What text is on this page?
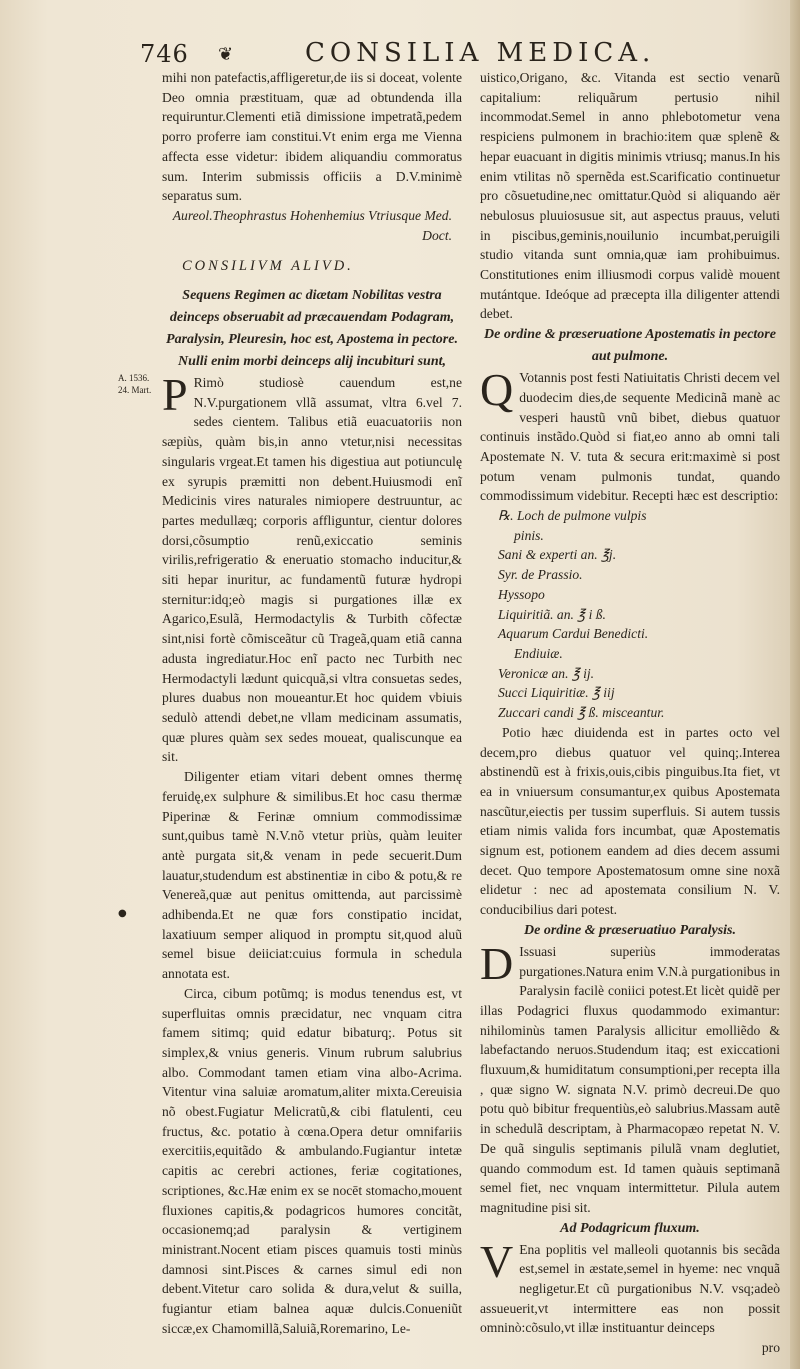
746 ❦	CONSILIA MEDICA.
A. 1536. 24. Mart.
●

mihi non patefactis,affligeretur,de iis si doceat, volente Deo omnia præstituam, quæ ad obtundenda illa requiruntur.Clementi etiã dimissione impetratã,pedem porro proferre iam constitui.Vt enim erga me Vienna affecta esse videtur: ibidem aliquandiu commoratus sum. Interim submissis officiis a D.V.minimè separatus sum.

Aureol.Theophrastus Hohenhemius Vtriusque Med. Doct.

CONSILIVM ALIVD.

Sequens Regimen ac diætam Nobilitas vestra deinceps obseruabit ad præcauendam Podagram, Paralysin, Pleuresin, hoc est, Apostema in pectore. Nulli enim morbi deinceps alij incubituri sunt,

P Rimò studiosè cauendum est,ne N.V.purgationem vllã assumat, vltra 6.vel 7. sedes cientem. Talibus etiã euacuatoriis non sæpiùs, quàm bis,in anno vtetur,nisi necessitas singularis vrgeat.Et tamen his digestiua aut potiunculę ex syrupis præmitti non debent.Huiusmodi enĩ Medicinis vires naturales nimiopere destruuntur, ac partes medullæq; corporis affliguntur, cientur dolores dorsi,cõsumptio renũ,exiccatio seminis virilis,refrigeratio & eneruatio stomacho inducitur,& siti hepar inuritur, ac fundamentũ futuræ hydropi sternitur:idq;eò magis si purgationes illæ ex Agarico,Esulã, Hermodactylis & Turbith cõfectæ sint,nisi fortè cõmisceãtur cũ Trageã,quam etiã canna adusta ingrediatur.Hoc enĩ pacto nec Turbith nec Hermodactyli lædunt quicquã,si vltra consuetas sedes, plures duabus non moueantur.Et hoc quidem vbiuis sedulò attendi debet,ne vllam medicinam assumatis, quæ plures quàm sex sedes moueat, qualiscunque ea sit.

Diligenter etiam vitari debent omnes thermę feruidę,ex sulphure & similibus.Et hoc casu thermæ Piperinæ & Ferinæ omnium commodissimæ sunt,quibus tamè N.V.nõ vtetur priùs, quàm leuiter antè purgata sit,& venam in pede secuerit.Dum lauatur,studendum est abstinentiæ in cibo & potu,& re Venereã,quæ aut penitus omittenda, aut parcissimè adhibenda.Et ne quæ fors constipatio incidat, laxatiuum semper aliquod in promptu sit,quod aluũ semel bisue deiiciat:cuius formula in schedula annotata est.

Circa, cibum potũmq; is modus tenendus est, vt superfluitas omnis præcidatur, nec vnquam citra famem sitimq; quid edatur bibaturq;. Potus sit simplex,& vnius generis. Vinum rubrum salubrius albo. Commodant tamen etiam vina albo-Acrima. Vitentur vina saluiæ aromatum,aliter mixta.Cereuisia nõ obest.Fugiatur Melicratũ,& cibi flatulenti, ceu fructus, &c. potatio à cœna.Opera detur omnifariis exercitiis,equitãdo & ambulando.Fugiantur intetæ capitis ac cerebri actiones, feriæ cogitationes, scriptiones, &c.Hæ enim ex se nocēt stomacho,mouent fluxiones capitis,& podagricos humores concitãt, occasionemq;ad paralysin & vertiginem ministrant.Nocent etiam pisces quamuis tosti minùs damnosi sint.Pisces & carnes simul edi non debent.Vitetur caro solida & dura,velut & suilla, fugiantur etiam balnea aquæ dulcis.Conueniũt siccæ,ex Chamomillã,Saluiã,Roremarino, Le-

uistico,Origano, &c. Vitanda est sectio venarũ capitalium: reliquãrum pertusio nihil incommodat.Semel in anno phlebotometur vena respiciens pulmonem in brachio:item quæ splenẽ & hepar euacuant in digitis minimis vtriusq; manus.In his enim vtilitas nõ spernẽda est.Scarificatio continuetur pro cõsuetudine,nec omittatur.Quòd si aliquando aër nebulosus pluuiosusue sit, aut aspectus prauus, veluti in piscibus,geminis,nouilunio incumbat,peruigili studio vitanda sunt omnia,quæ iam prohibuimus. Constitutiones enim illiusmodi corpus validè mouent mutántque. Ideóque ad præcepta illa diligenter attendi debet.

De ordine & præseruatione Apostematis in pectore aut pulmone.

Q Votannis post festi Natiuitatis Christi decem vel duodecim dies,de sequente Medicinã manè ac vesperi haustũ vnũ bibet, diebus quatuor continuis instãdo.Quòd si fiat,eo anno ab omni tali Apostemate N. V. tuta & secura erit:maximè si post potum venam pulmonis tundat, quando commodissimum videbitur. Recepti hæc est descriptio:

℞. Loch de pulmone vulpis
pinis.
Sani & experti an. ℥j.
Syr. de Prassio.
Hyssopo
Liquiritiã. an. ℥ i ß.
Aquarum Cardui Benedicti.
Endiuiæ.
Veronicæ an. ℥ ij.
Succi Liquiritiæ. ℥ iij
Zuccari candi ℥ ß. misceantur.

Potio hæc diuidenda est in partes octo vel decem,pro diebus quatuor vel quinq;.Interea abstinendũ est à frixis,ouis,cibis pinguibus.Ita fiet, vt ea in vniuersum consumantur,ex quibus Apostemata nascũtur,eiectis per tussim superfluis. Si autem tussis etiam nimis valida fors incumbat, quæ Apostematis signum est, potionem eandem ad dies decem assumi decet. Quo tempore Apostematosum omne sine noxã elidetur : nec ad apostemata consilium N. V. conducibilius dari potest.

De ordine & præseruatiuo Paralysis.

D Issuasi superiùs immoderatas purgationes.Natura enim V.N.à purgationibus in Paralysin facilè coniici potest.Et licèt quidẽ per illas Podagrici fluxus quodammodo eximantur: nihilominùs tamen Paralysis allicitur emolliẽdo & labefactando neruos.Studendum itaq; est exiccationi fluxuum,& humiditatum consumptioni,per recepta illa , quæ signo W. signata N.V. primò decreui.De quo potu quò bibitur frequentiùs,eò salubrius.Massam autẽ in schedulã descriptam, à Pharmacopæo repetat N. V. De quã singulis septimanis pilulã vnam deglutiet, quando commodum est. Id tamen quàuis septimanã semel fiet, nec vnquam intermittetur. Pilula autem magnitudine pisi sit.

Ad Podagricum fluxum.

V Ena poplitis vel malleoli quotannis bis secãda est,semel in æstate,semel in hyeme: nec vnquã negligetur.Et cũ purgationibus N.V. vsq;adeò assueuerit,vt intermittere eas non possit omninò:cõsulo,vt illæ instituantur deinceps

pro
